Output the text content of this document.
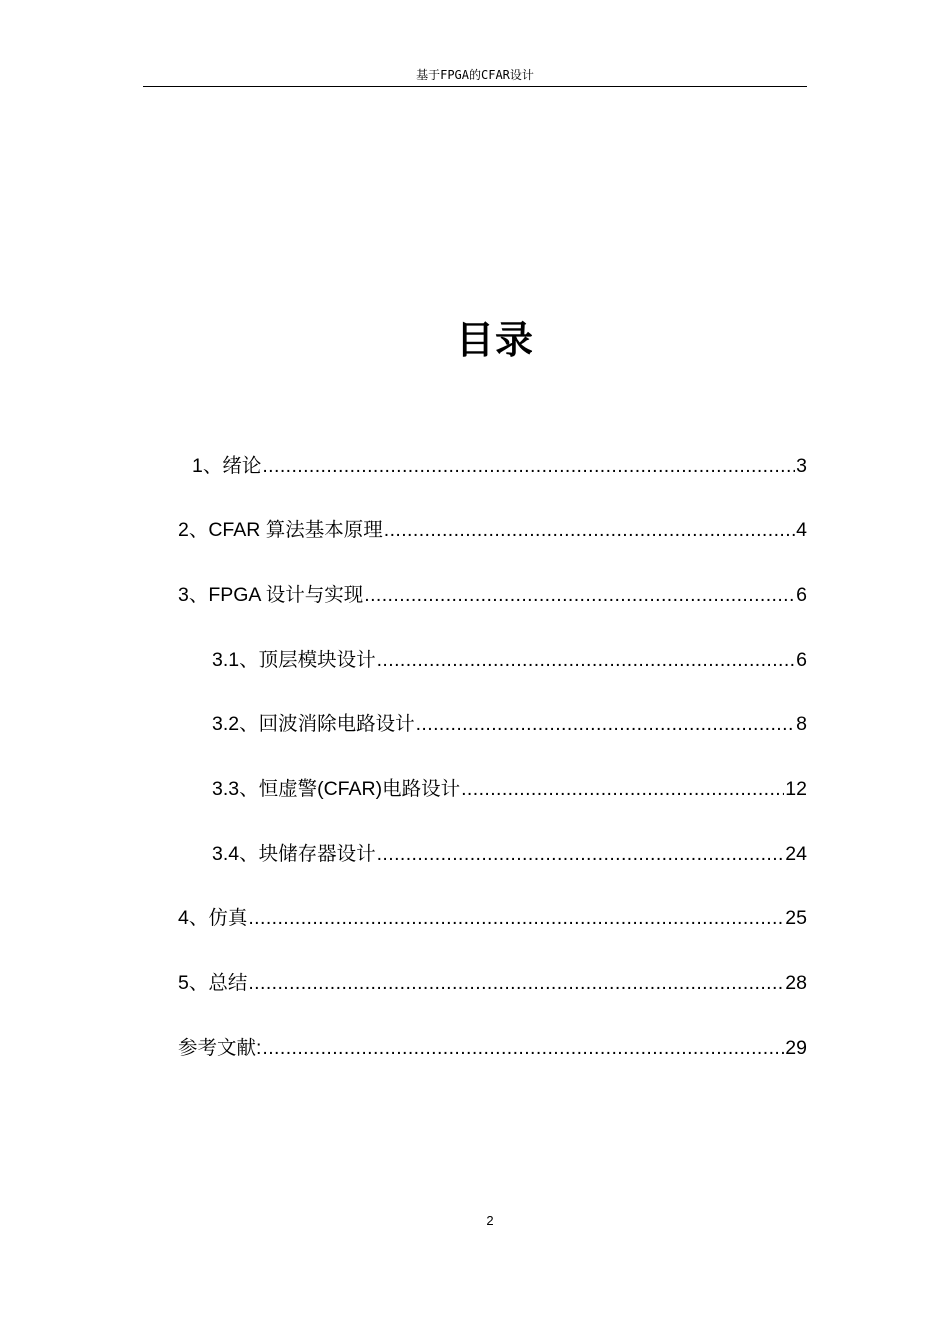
基于FPGA的CFAR设计
目录
1、绪论 .....	3
2、CFAR 算法基本原理 .....	4
3、FPGA 设计与实现 .....	6
3.1、顶层模块设计 .....	6
3.2、回波消除电路设计 .....	8
3.3、恒虚警(CFAR)电路设计 .....	12
3.4、块储存器设计 .....	24
4、仿真 .....	25
5、总结 .....	28
参考文献: .....	29
2
